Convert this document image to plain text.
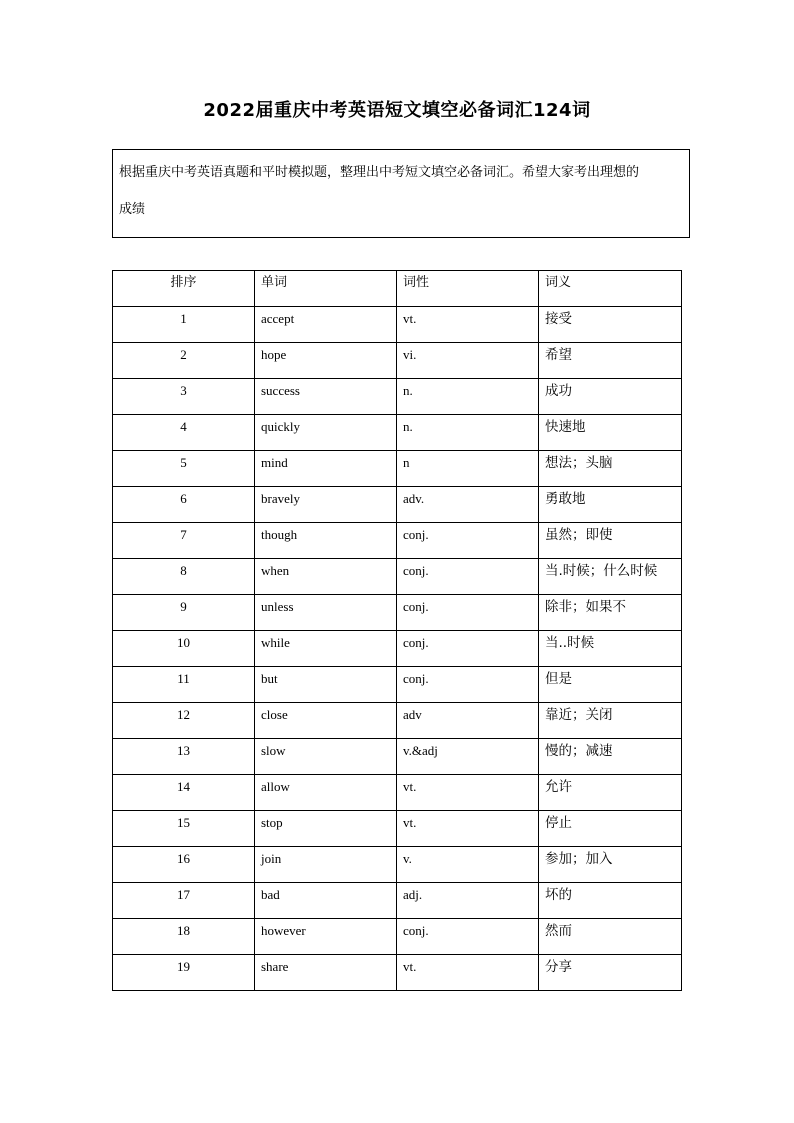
2022届重庆中考英语短文填空必备词汇124词

根据重庆中考英语真题和平时模拟题，整理出中考短文填空必备词汇。希望大家考出理想的

成绩

排序	单词	词性	词义
1	accept	vt.	接受
2	hope	vi.	希望
3	success	n.	成功
4	quickly	n.	快速地
5	mind	n	想法；头脑
6	bravely	adv.	勇敢地
7	though	conj.	虽然；即使
8	when	conj.	当.时候；什么时候
9	unless	conj.	除非；如果不
10	while	conj.	当..时候
11	but	conj.	但是
12	close	adv	靠近；关闭
13	slow	v.&adj	慢的；减速
14	allow	vt.	允许
15	stop	vt.	停止
16	join	v.	参加；加入
17	bad	adj.	坏的
18	however	conj.	然而
19	share	vt.	分享
